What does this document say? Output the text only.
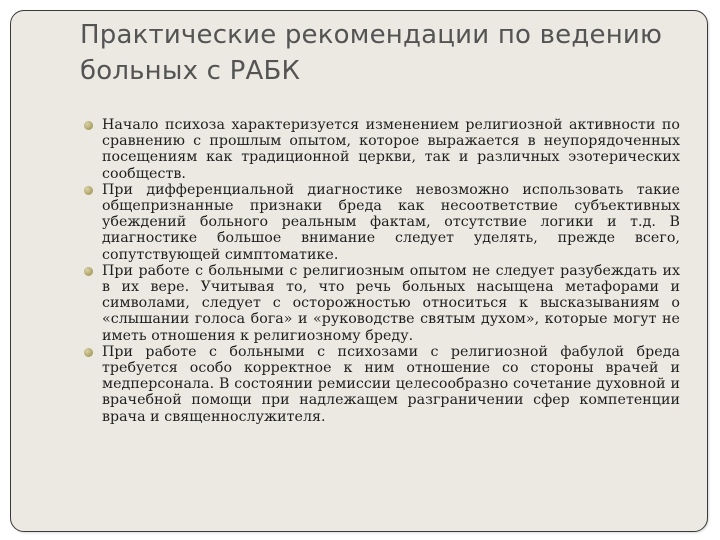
Практические рекомендации по ведению больных с РАБК
Начало психоза характеризуется изменением религиозной активности по сравнению с прошлым опытом, которое выражается в неупорядоченных посещениям как традиционной церкви, так и различных эзотерических сообществ.
При дифференциальной диагностике невозможно использовать такие общепризнанные признаки бреда как несоответствие субъективных убеждений больного реальным фактам, отсутствие логики и т.д. В диагностике большое внимание следует уделять, прежде всего, сопутствующей симптоматике.
При работе с больными с религиозным опытом не следует разубеждать их в их вере. Учитывая то, что речь больных насыщена метафорами и символами, следует с осторожностью относиться к высказываниям о «слышании голоса бога» и «руководстве святым духом», которые могут не иметь отношения к религиозному бреду.
При работе с больными с психозами с религиозной фабулой бреда требуется особо корректное к ним отношение со стороны врачей и медперсонала. В состоянии ремиссии целесообразно сочетание духовной и врачебной помощи при надлежащем разграничении сфер компетенции врача и священнослужителя.
